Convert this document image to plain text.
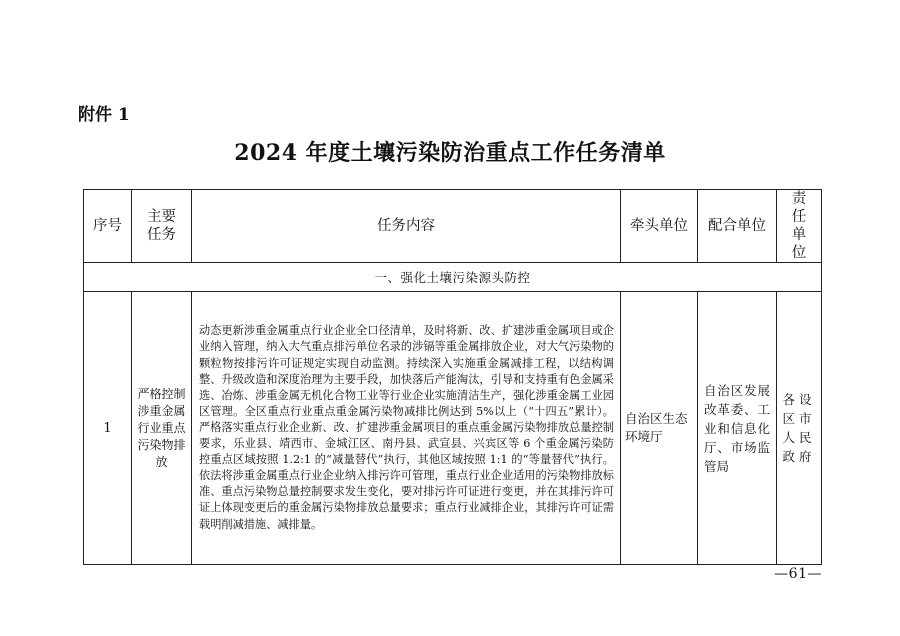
附件 1
2024 年度土壤污染防治重点工作任务清单
序号	主要任务	任务内容	牵头单位	配合单位	责任单位
一、强化土壤污染源头防控					
1	严格控制涉重金属行业重点污染物排放	动态更新涉重金属重点行业企业全口径清单，及时将新、改、扩建涉重金属项目或企业纳入管理，纳入大气重点排污单位名录的涉镉等重金属排放企业，对大气污染物的颗粒物按排污许可证规定实现自动监测。持续深入实施重金属减排工程，以结构调整、升级改造和深度治理为主要手段，加快落后产能淘汰，引导和支持重有色金属采选、冶炼、涉重金属无机化合物工业等行业企业实施清洁生产，强化涉重金属工业园区管理。全区重点行业重点重金属污染物减排比例达到 5%以上（“十四五”累计）。严格落实重点行业企业新、改、扩建涉重金属项目的重点重金属污染物排放总量控制要求，乐业县、靖西市、金城江区、南丹县、武宣县、兴宾区等 6 个重金属污染防控重点区域按照 1.2:1 的“减量替代”执行，其他区域按照 1:1 的“等量替代”执行。依法将涉重金属重点行业企业纳入排污许可管理，重点行业企业适用的污染物排放标准、重点污染物总量控制要求发生变化，要对排污许可证进行变更，并在其排污许可证上体现变更后的重金属污染物排放总量要求；重点行业减排企业，其排污许可证需载明削减措施、减排量。	自治区生态环境厅	自治区发展改革委、工业和信息化厅、市场监管局	各设区市人民政府
—61—
